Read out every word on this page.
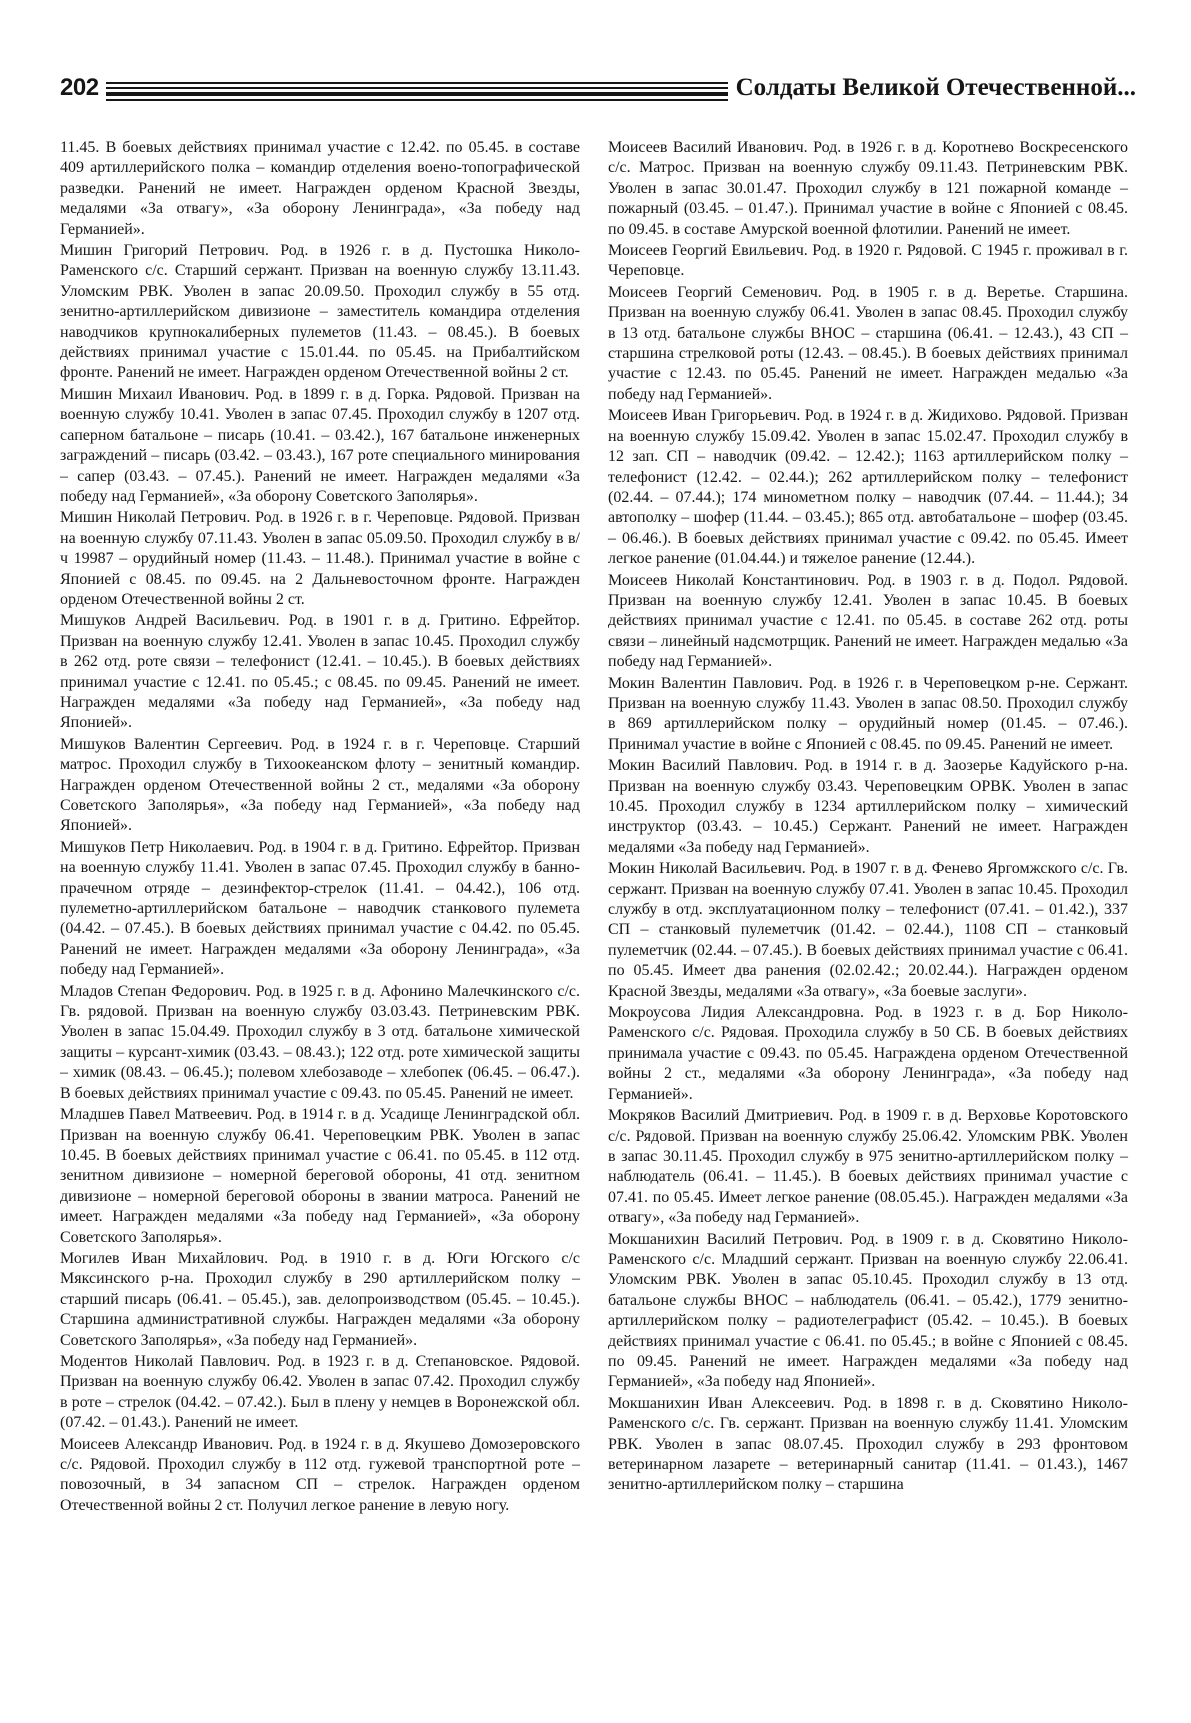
202	Солдаты Великой Отечественной...

11.45. В боевых действиях принимал участие с 12.42. по 05.45. в составе 409 артиллерийского полка – командир отделения воено-топографической разведки. Ранений не имеет. Награжден орденом Красной Звезды, медалями «За отвагу», «За оборону Ленинграда», «За победу над Германией».

Мишин Григорий Петрович. Род. в 1926 г. в д. Пустошка Николо-Раменского с/с. Старший сержант. Призван на военную службу 13.11.43. Уломским РВК. Уволен в запас 20.09.50. Проходил службу в 55 отд. зенитно-артиллерийском дивизионе – заместитель командира отделения наводчиков крупнокалиберных пулеметов (11.43. – 08.45.). В боевых действиях принимал участие с 15.01.44. по 05.45. на Прибалтийском фронте. Ранений не имеет. Награжден орденом Отечественной войны 2 ст.

Мишин Михаил Иванович. Род. в 1899 г. в д. Горка. Рядовой. Призван на военную службу 10.41. Уволен в запас 07.45. Проходил службу в 1207 отд. саперном батальоне – писарь (10.41. – 03.42.), 167 батальоне инженерных заграждений – писарь (03.42. – 03.43.), 167 роте специального минирования – сапер (03.43. – 07.45.). Ранений не имеет. Награжден медалями «За победу над Германией», «За оборону Советского Заполярья».

Мишин Николай Петрович. Род. в 1926 г. в г. Череповце. Рядовой. Призван на военную службу 07.11.43. Уволен в запас 05.09.50. Проходил службу в в/ч 19987 – орудийный номер (11.43. – 11.48.). Принимал участие в войне с Японией с 08.45. по 09.45. на 2 Дальневосточном фронте. Награжден орденом Отечественной войны 2 ст.

Мишуков Андрей Васильевич. Род. в 1901 г. в д. Гритино. Ефрейтор. Призван на военную службу 12.41. Уволен в запас 10.45. Проходил службу в 262 отд. роте связи – телефонист (12.41. – 10.45.). В боевых действиях принимал участие с 12.41. по 05.45.; с 08.45. по 09.45. Ранений не имеет. Награжден медалями «За победу над Германией», «За победу над Японией».

Мишуков Валентин Сергеевич. Род. в 1924 г. в г. Череповце. Старший матрос. Проходил службу в Тихоокеанском флоту – зенитный командир. Награжден орденом Отечественной войны 2 ст., медалями «За оборону Советского Заполярья», «За победу над Германией», «За победу над Японией».

Мишуков Петр Николаевич. Род. в 1904 г. в д. Гритино. Ефрейтор. Призван на военную службу 11.41. Уволен в запас 07.45. Проходил службу в банно-прачечном отряде – дезинфектор-стрелок (11.41. – 04.42.), 106 отд. пулеметно-артиллерийском батальоне – наводчик станкового пулемета (04.42. – 07.45.). В боевых действиях принимал участие с 04.42. по 05.45. Ранений не имеет. Награжден медалями «За оборону Ленинграда», «За победу над Германией».

Младов Степан Федорович. Род. в 1925 г. в д. Афонино Малечкинского с/с. Гв. рядовой. Призван на военную службу 03.03.43. Петриневским РВК. Уволен в запас 15.04.49. Проходил службу в 3 отд. батальоне химической защиты – курсант-химик (03.43. – 08.43.); 122 отд. роте химической защиты – химик (08.43. – 06.45.); полевом хлебозаводе – хлебопек (06.45. – 06.47.). В боевых действиях принимал участие с 09.43. по 05.45. Ранений не имеет.

Младшев Павел Матвеевич. Род. в 1914 г. в д. Усадище Ленинградской обл. Призван на военную службу 06.41. Череповецким РВК. Уволен в запас 10.45. В боевых действиях принимал участие с 06.41. по 05.45. в 112 отд. зенитном дивизионе – номерной береговой обороны, 41 отд. зенитном дивизионе – номерной береговой обороны в звании матроса. Ранений не имеет. Награжден медалями «За победу над Германией», «За оборону Советского Заполярья».

Могилев Иван Михайлович. Род. в 1910 г. в д. Юги Югского с/с Мяксинского р-на. Проходил службу в 290 артиллерийском полку – старший писарь (06.41. – 05.45.), зав. делопроизводством (05.45. – 10.45.). Старшина административной службы. Награжден медалями «За оборону Советского Заполярья», «За победу над Германией».

Модентов Николай Павлович. Род. в 1923 г. в д. Степановское. Рядовой. Призван на военную службу 06.42. Уволен в запас 07.42. Проходил службу в роте – стрелок (04.42. – 07.42.). Был в плену у немцев в Воронежской обл.(07.42. – 01.43.). Ранений не имеет.

Моисеев Александр Иванович. Род. в 1924 г. в д. Якушево Домозеровского с/с. Рядовой. Проходил службу в 112 отд. гужевой транспортной роте – повозочный, в 34 запасном СП – стрелок. Награжден орденом Отечественной войны 2 ст. Получил легкое ранение в левую ногу.

Моисеев Василий Иванович. Род. в 1926 г. в д. Коротнево Воскресенского с/с. Матрос. Призван на военную службу 09.11.43. Петриневским РВК. Уволен в запас 30.01.47. Проходил службу в 121 пожарной команде – пожарный (03.45. – 01.47.). Принимал участие в войне с Японией с 08.45. по 09.45. в составе Амурской военной флотилии. Ранений не имеет.

Моисеев Георгий Евильевич. Род. в 1920 г. Рядовой. С 1945 г. проживал в г. Череповце.

Моисеев Георгий Семенович. Род. в 1905 г. в д. Веретье. Старшина. Призван на военную службу 06.41. Уволен в запас 08.45. Проходил службу в 13 отд. батальоне службы ВНОС – старшина (06.41. – 12.43.), 43 СП – старшина стрелковой роты (12.43. – 08.45.). В боевых действиях принимал участие с 12.43. по 05.45. Ранений не имеет. Награжден медалью «За победу над Германией».

Моисеев Иван Григорьевич. Род. в 1924 г. в д. Жидихово. Рядовой. Призван на военную службу 15.09.42. Уволен в запас 15.02.47. Проходил службу в 12 зап. СП – наводчик (09.42. – 12.42.); 1163 артиллерийском полку – телефонист (12.42. – 02.44.); 262 артиллерийском полку – телефонист (02.44. – 07.44.); 174 минометном полку – наводчик (07.44. – 11.44.); 34 автополку – шофер (11.44. – 03.45.); 865 отд. автобатальоне – шофер (03.45. – 06.46.). В боевых действиях принимал участие с 09.42. по 05.45. Имеет легкое ранение (01.04.44.) и тяжелое ранение (12.44.).

Моисеев Николай Константинович. Род. в 1903 г. в д. Подол. Рядовой. Призван на военную службу 12.41. Уволен в запас 10.45. В боевых действиях принимал участие с 12.41. по 05.45. в составе 262 отд. роты связи – линейный надсмотрщик. Ранений не имеет. Награжден медалью «За победу над Германией».

Мокин Валентин Павлович. Род. в 1926 г. в Череповецком р-не. Сержант. Призван на военную службу 11.43. Уволен в запас 08.50. Проходил службу в 869 артиллерийском полку – орудийный номер (01.45. – 07.46.). Принимал участие в войне с Японией с 08.45. по 09.45. Ранений не имеет.

Мокин Василий Павлович. Род. в 1914 г. в д. Заозерье Кадуйского р-на. Призван на военную службу 03.43. Череповецким ОРВК. Уволен в запас 10.45. Проходил службу в 1234 артиллерийском полку – химический инструктор (03.43. – 10.45.) Сержант. Ранений не имеет. Награжден медалями «За победу над Германией».

Мокин Николай Васильевич. Род. в 1907 г. в д. Фенево Яргомжского с/с. Гв. сержант. Призван на военную службу 07.41. Уволен в запас 10.45. Проходил службу в отд. эксплуатационном полку – телефонист (07.41. – 01.42.), 337 СП – станковый пулеметчик (01.42. – 02.44.), 1108 СП – станковый пулеметчик (02.44. – 07.45.). В боевых действиях принимал участие с 06.41. по 05.45. Имеет два ранения (02.02.42.; 20.02.44.). Награжден орденом Красной Звезды, медалями «За отвагу», «За боевые заслуги».

Мокроусова Лидия Александровна. Род. в 1923 г. в д. Бор Николо-Раменского с/с. Рядовая. Проходила службу в 50 СБ. В боевых действиях принимала участие с 09.43. по 05.45. Награждена орденом Отечественной войны 2 ст., медалями «За оборону Ленинграда», «За победу над Германией».

Мокряков Василий Дмитриевич. Род. в 1909 г. в д. Верховье Коротовского с/с. Рядовой. Призван на военную службу 25.06.42. Уломским РВК. Уволен в запас 30.11.45. Проходил службу в 975 зенитно-артиллерийском полку – наблюдатель (06.41. – 11.45.). В боевых действиях принимал участие с 07.41. по 05.45. Имеет легкое ранение (08.05.45.). Награжден медалями «За отвагу», «За победу над Германией».

Мокшанихин Василий Петрович. Род. в 1909 г. в д. Сковятино Николо-Раменского с/с. Младший сержант. Призван на военную службу 22.06.41. Уломским РВК. Уволен в запас 05.10.45. Проходил службу в 13 отд. батальоне службы ВНОС – наблюдатель (06.41. – 05.42.), 1779 зенитно-артиллерийском полку – радиотелеграфист (05.42. – 10.45.). В боевых действиях принимал участие с 06.41. по 05.45.; в войне с Японией с 08.45. по 09.45. Ранений не имеет. Награжден медалями «За победу над Германией», «За победу над Японией».

Мокшанихин Иван Алексеевич. Род. в 1898 г. в д. Сковятино Николо-Раменского с/с. Гв. сержант. Призван на военную службу 11.41. Уломским РВК. Уволен в запас 08.07.45. Проходил службу в 293 фронтовом ветеринарном лазарете – ветеринарный санитар (11.41. – 01.43.), 1467 зенитно-артиллерийском полку – старшина
